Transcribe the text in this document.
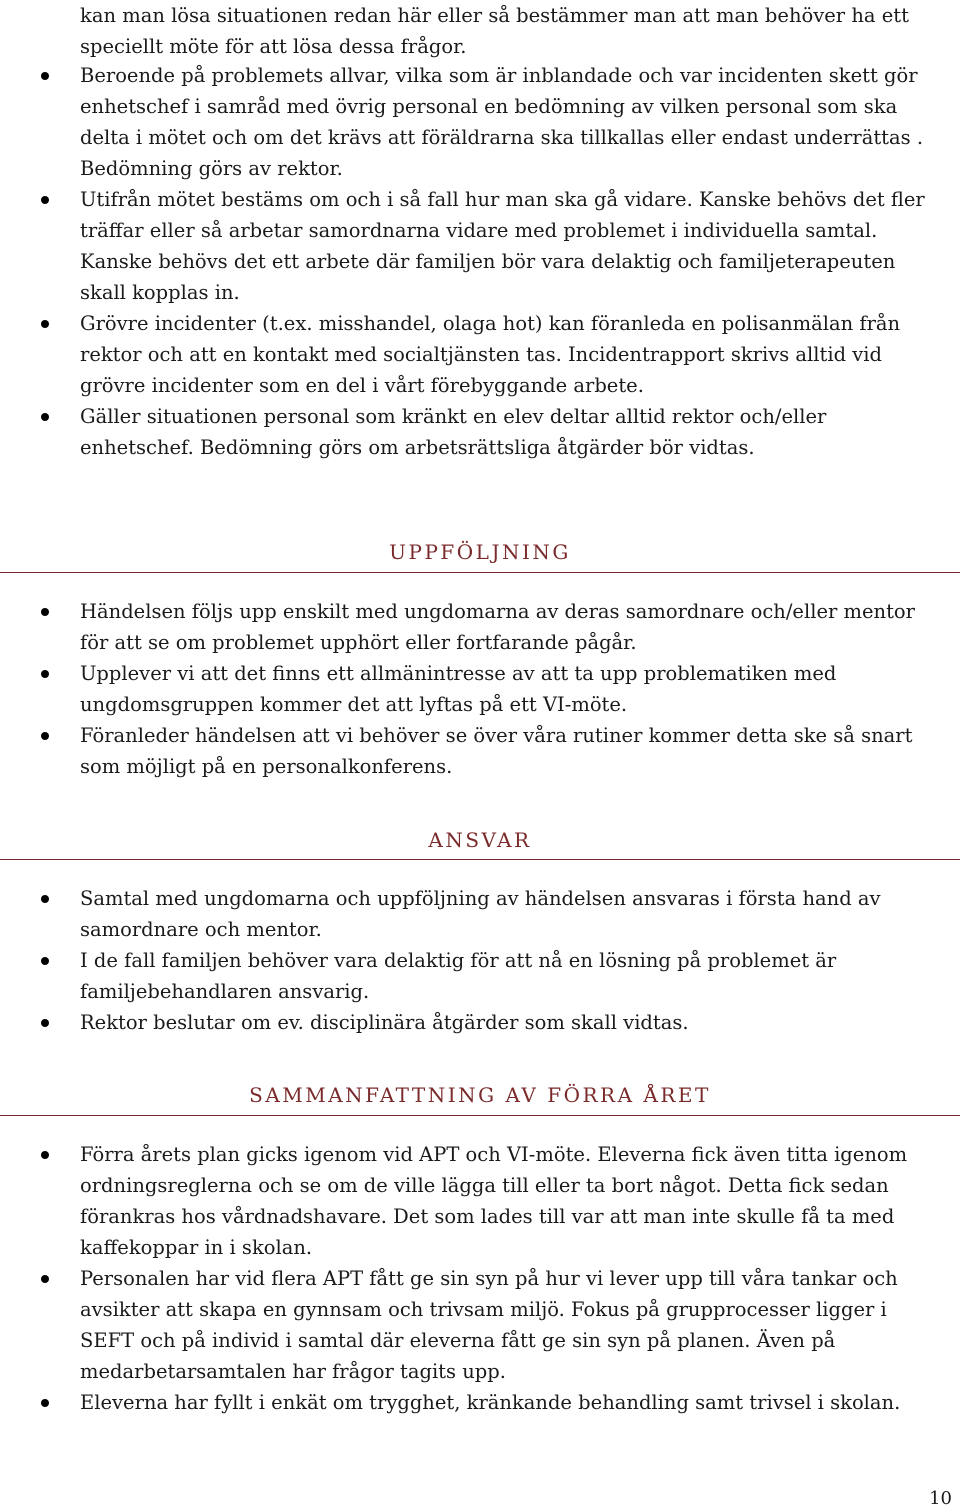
kan man lösa situationen redan här eller så bestämmer man att man behöver ha ett speciellt möte för att lösa dessa frågor.
Beroende på problemets allvar, vilka som är inblandade och var incidenten skett gör enhetschef i samråd med övrig personal en bedömning av vilken personal som ska delta i mötet och om det krävs att föräldrarna ska tillkallas eller endast underrättas . Bedömning görs av rektor.
Utifrån mötet bestäms om och i så fall hur man ska gå vidare. Kanske behövs det fler träffar eller så arbetar samordnarna vidare med problemet i individuella samtal. Kanske behövs det ett arbete där familjen bör vara delaktig och familjeterapeuten skall kopplas in.
Grövre incidenter (t.ex. misshandel, olaga hot) kan föranleda en polisanmälan från rektor och att en kontakt med socialtjänsten tas. Incidentrapport skrivs alltid vid grövre incidenter som en del i vårt förebyggande arbete.
Gäller situationen personal som kränkt en elev deltar alltid rektor och/eller enhetschef. Bedömning görs om arbetsrättsliga åtgärder bör vidtas.
UPPFÖLJNING
Händelsen följs upp enskilt med ungdomarna av deras samordnare och/eller mentor för att se om problemet upphört eller fortfarande pågår.
Upplever vi att det finns ett allmänintresse av att ta upp problematiken med ungdomsgruppen kommer det att lyftas på ett VI-möte.
Föranleder händelsen att vi behöver se över våra rutiner kommer detta ske så snart som möjligt på en personalkonferens.
ANSVAR
Samtal med ungdomarna och uppföljning av händelsen ansvaras i första hand av samordnare och mentor.
I de fall familjen behöver vara delaktig för att nå en lösning på problemet är familjebehandlaren ansvarig.
Rektor beslutar om ev. disciplinära åtgärder som skall vidtas.
SAMMANFATTNING AV FÖRRA ÅRET
Förra årets plan gicks igenom vid APT och VI-möte. Eleverna fick även titta igenom ordningsreglerna och se om de ville lägga till eller ta bort något. Detta fick sedan förankras hos vårdnadshavare. Det som lades till var att man inte skulle få ta med kaffekoppar in i skolan.
Personalen har vid flera APT fått ge sin syn på hur vi lever upp till våra tankar och avsikter att skapa en gynnsam och trivsam miljö. Fokus på grupprocesser ligger i SEFT och på individ i samtal där eleverna fått ge sin syn på planen. Även på medarbetarsamtalen har frågor tagits upp.
Eleverna har fyllt i enkät om trygghet, kränkande behandling samt trivsel i skolan.
10
